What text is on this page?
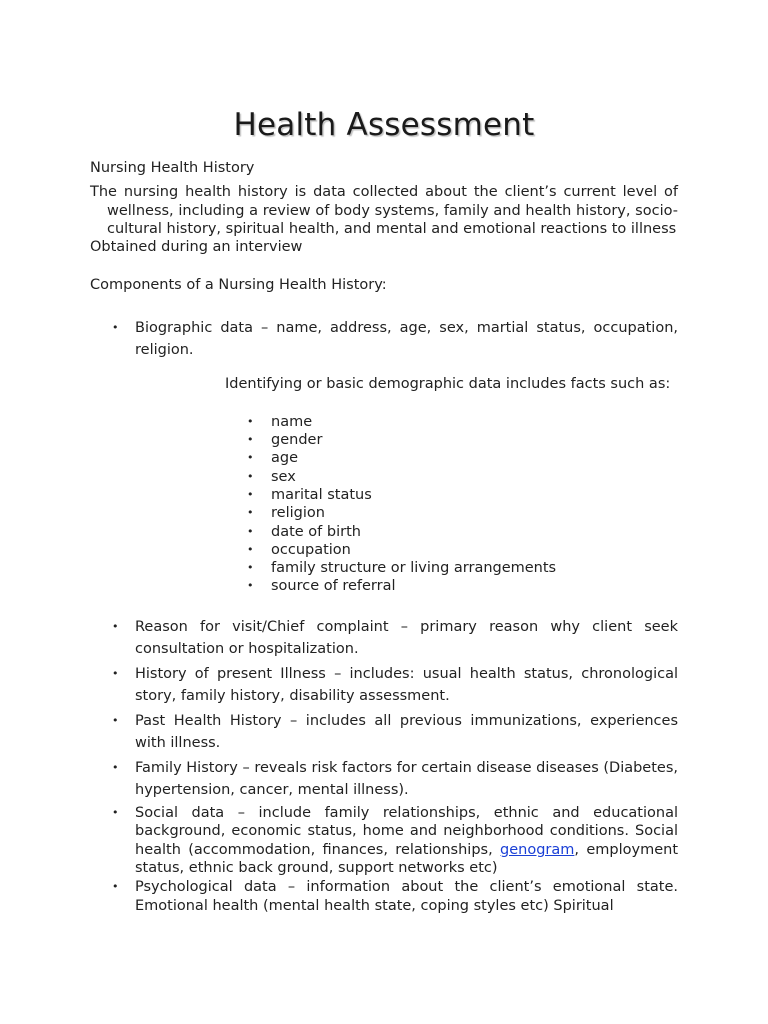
Health Assessment
Nursing Health History
The nursing health history is data collected about the client’s current level of wellness, including a review of body systems, family and health history, socio-cultural history, spiritual health, and mental and emotional reactions to illness
Obtained during an interview
Components of a Nursing Health History:
• Biographic data – name, address, age, sex, martial status, occupation, religion.
Identifying or basic demographic data includes facts such as:
• name
• gender
• age
• sex
• marital status
• religion
• date of birth
• occupation
• family structure or living arrangements
• source of referral
• Reason for visit/Chief complaint – primary reason why client seek consultation or hospitalization.
• History of present Illness – includes: usual health status, chronological story, family history, disability assessment.
• Past Health History – includes all previous immunizations, experiences with illness.
• Family History – reveals risk factors for certain disease diseases (Diabetes, hypertension, cancer, mental illness).
• Social data – include family relationships, ethnic and educational background, economic status, home and neighborhood conditions. Social health (accommodation, finances, relationships, genogram, employment status, ethnic back ground, support networks etc)
• Psychological data – information about the client’s emotional state. Emotional health (mental health state, coping styles etc) Spiritual
